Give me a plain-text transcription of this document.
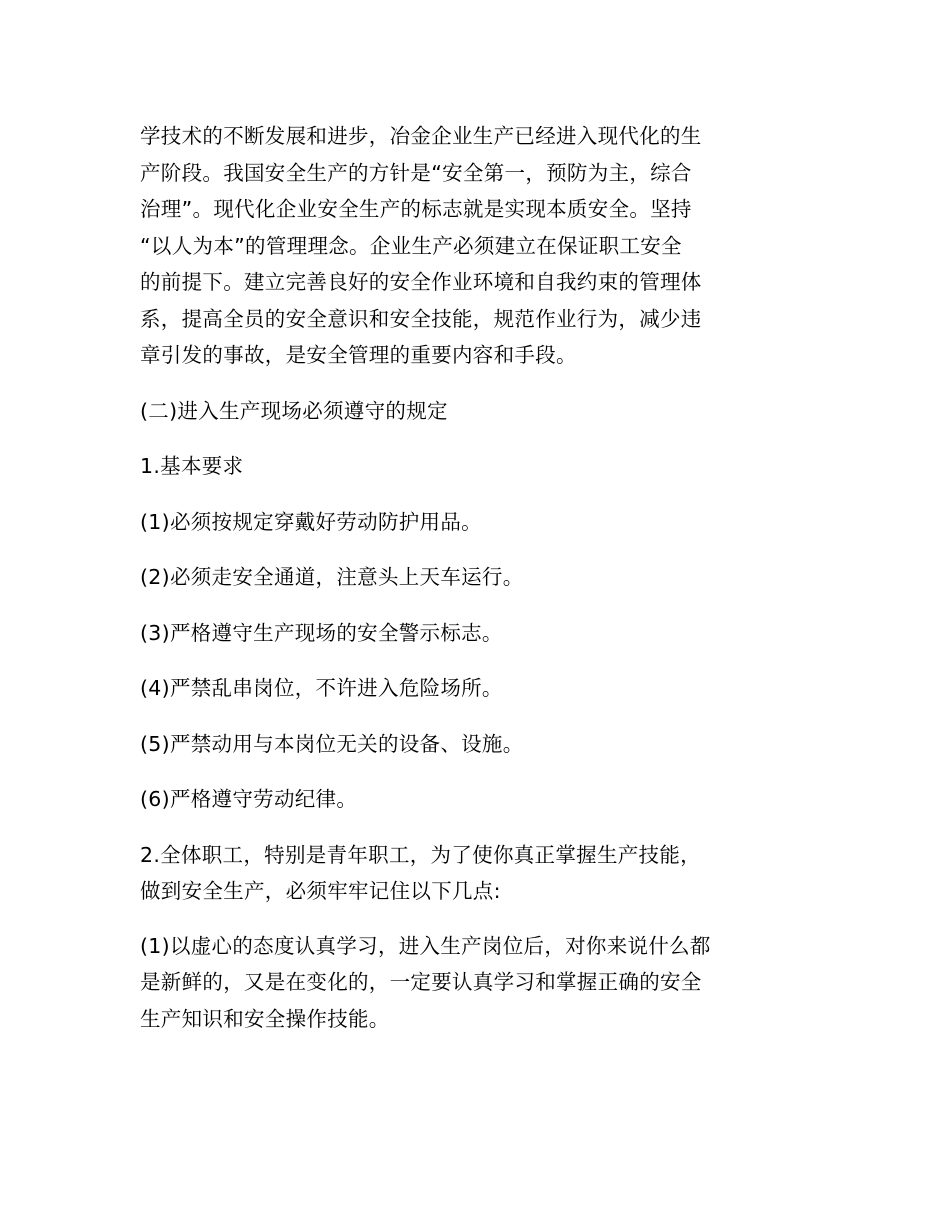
学技术的不断发展和进步，冶金企业生产已经进入现代化的生
产阶段。我国安全生产的方针是“安全第一，预防为主，综合
治理”。现代化企业安全生产的标志就是实现本质安全。坚持
“以人为本”的管理理念。企业生产必须建立在保证职工安全
的前提下。建立完善良好的安全作业环境和自我约束的管理体
系，提高全员的安全意识和安全技能，规范作业行为，减少违
章引发的事故，是安全管理的重要内容和手段。

(二)进入生产现场必须遵守的规定

1.基本要求

(1)必须按规定穿戴好劳动防护用品。

(2)必须走安全通道，注意头上天车运行。

(3)严格遵守生产现场的安全警示标志。

(4)严禁乱串岗位，不许进入危险场所。

(5)严禁动用与本岗位无关的设备、设施。

(6)严格遵守劳动纪律。

2.全体职工，特别是青年职工，为了使你真正掌握生产技能，
做到安全生产，必须牢牢记住以下几点:

(1)以虚心的态度认真学习，进入生产岗位后，对你来说什么都
是新鲜的，又是在变化的，一定要认真学习和掌握正确的安全
生产知识和安全操作技能。
